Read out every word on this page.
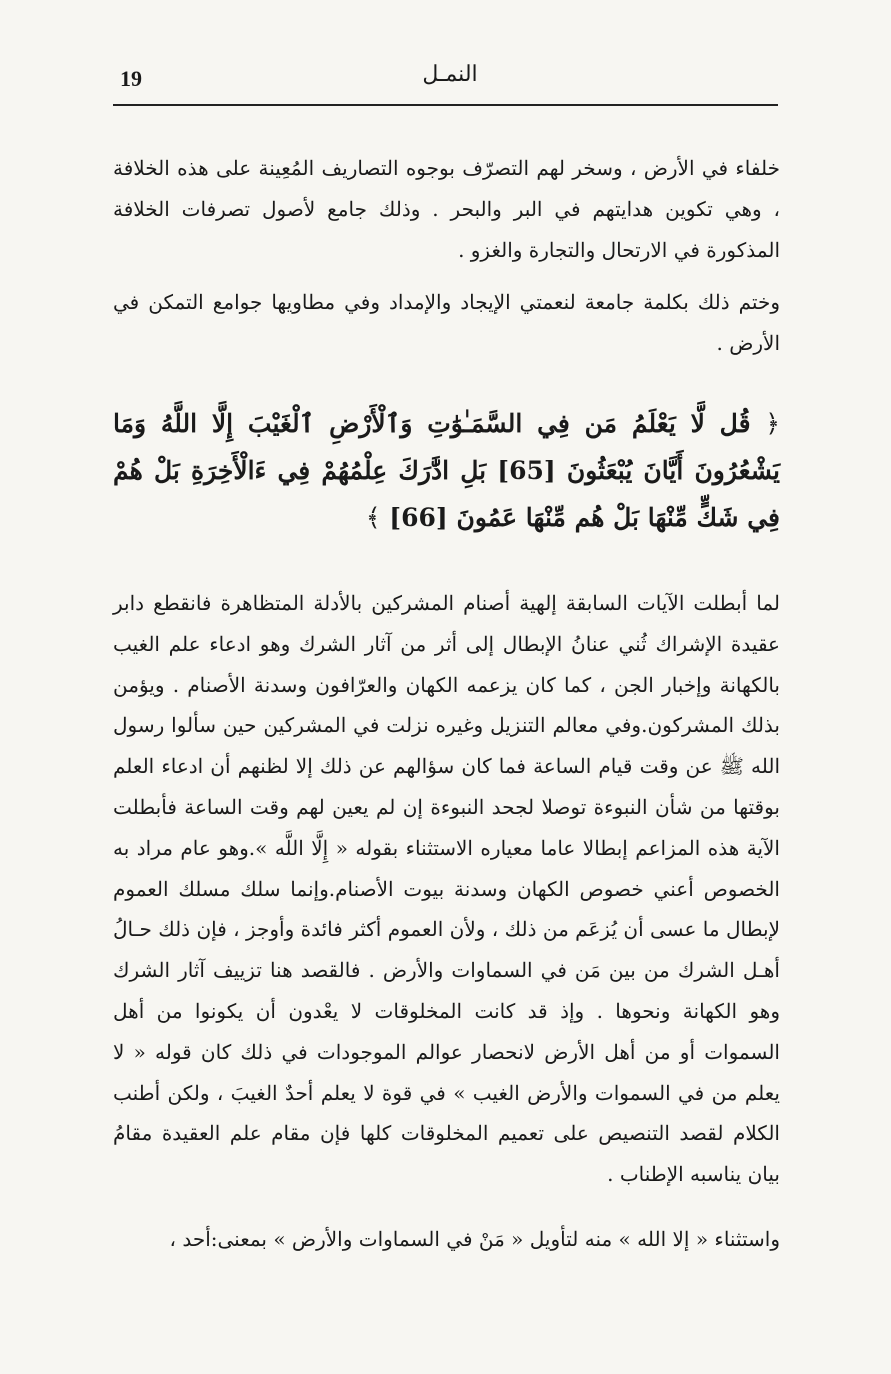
19	النمـل

خلفاء في الأرض ، وسخر لهم التصرّف بوجوه التصاريف المُعِينة على هذه الخلافة ، وهي تكوين هدايتهم في البر والبحر . وذلك جامع لأصول تصرفات الخلافة المذكورة في الارتحال والتجارة والغزو .

وختم ذلك بكلمة جامعة لنعمتي الإيجاد والإمداد وفي مطاويها جوامع التمكن في الأرض .

﴿ قُل لَّا يَعْلَمُ مَن فِي السَّمَـٰوَٰتِ وَٱلْأَرْضِ ٱلْغَيْبَ إِلَّا اللَّهُ وَمَا يَشْعُرُونَ أَيَّانَ يُبْعَثُونَ [65] بَلِ ادَّٰرَكَ عِلْمُهُمْ فِي ءَالْأَخِرَةِ بَلْ هُمْ فِي شَكٍّ مِّنْهَا بَلْ هُم مِّنْهَا عَمُونَ [66] ﴾

لما أبطلت الآيات السابقة إلهية أصنام المشركين بالأدلة المتظاهرة فانقطع دابر عقيدة الإشراك ثُني عنانُ الإبطال إلى أثر من آثار الشرك وهو ادعاء علم الغيب بالكهانة وإخبار الجن ، كما كان يزعمه الكهان والعرّافون وسدنة الأصنام . ويؤمن بذلك المشركون.وفي معالم التنزيل وغيره نزلت في المشركين حين سألوا رسول الله ﷺ عن وقت قيام الساعة فما كان سؤالهم عن ذلك إلا لظنهم أن ادعاء العلم بوقتها من شأن النبوءة توصلا لجحد النبوءة إن لم يعين لهم وقت الساعة فأبطلت الآية هذه المزاعم إبطالا عاما معياره الاستثناء بقوله « إِلَّا اللَّه ».وهو عام مراد به الخصوص أعني خصوص الكهان وسدنة بيوت الأصنام.وإنما سلك مسلك العموم لإبطال ما عسى أن يُزعَم من ذلك ، ولأن العموم أكثر فائدة وأوجز ، فإن ذلك حـالُ أهـل الشرك من بين مَن في السماوات والأرض . فالقصد هنا تزييف آثار الشرك وهو الكهانة ونحوها . وإذ قد كانت المخلوقات لا يعْدون أن يكونوا من أهل السموات أو من أهل الأرض لانحصار عوالم الموجودات في ذلك كان قوله « لا يعلم من في السموات والأرض الغيب » في قوة لا يعلم أحدٌ الغيبَ ، ولكن أطنب الكلام لقصد التنصيص على تعميم المخلوقات كلها فإن مقام علم العقيدة مقامُ بيان يناسبه الإطناب .

واستثناء « إلا الله » منه لتأويل « مَنْ في السماوات والأرض » بمعنى:أحد ،
